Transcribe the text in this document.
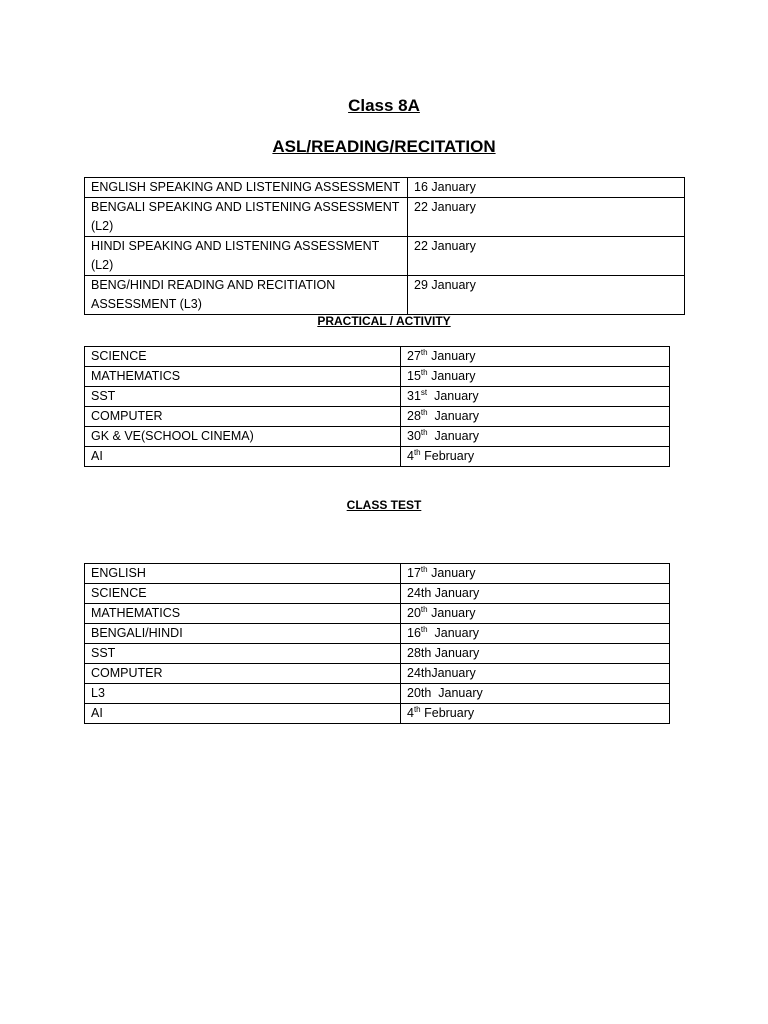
Class 8A
ASL/READING/RECITATION
ENGLISH SPEAKING AND LISTENING ASSESSMENT	16 January
BENGALI SPEAKING AND LISTENING ASSESSMENT (L2)	22 January
HINDI SPEAKING AND LISTENING ASSESSMENT (L2)	22 January
BENG/HINDI READING AND RECITIATION ASSESSMENT (L3)	29 January
PRACTICAL / ACTIVITY
SCIENCE	27th January
MATHEMATICS	15th January
SST	31st January
COMPUTER	28th January
GK & VE(SCHOOL CINEMA)	30th January
AI	4th February
CLASS TEST
ENGLISH	17th January
SCIENCE	24th January
MATHEMATICS	20th January
BENGALI/HINDI	16th January
SST	28th January
COMPUTER	24thJanuary
L3	20th  January
AI	4th February
